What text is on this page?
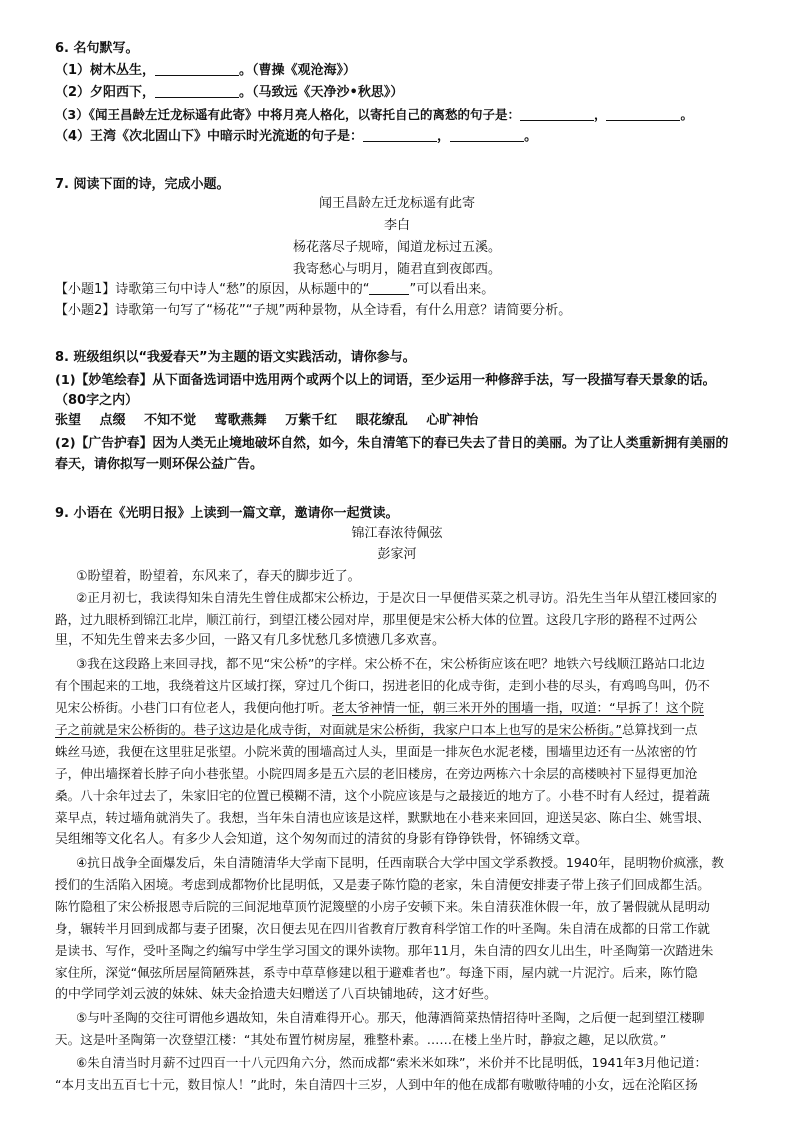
6. 名句默写。
（1）树木丛生，	。（曹操《观沧海》）
（2）夕阳西下，	。（马致远《天净沙•秋思》）
（3）《闻王昌龄左迁龙标遥有此寄》中将月亮人格化，以寄托自己的离愁的句子是：	，	。
（4）王湾《次北固山下》中暗示时光流逝的句子是：	，	。
7. 阅读下面的诗，完成小题。
闻王昌龄左迁龙标遥有此寄
李白
杨花落尽子规啼，闻道龙标过五溪。
我寄愁心与明月，随君直到夜郎西。
【小题1】诗歌第三句中诗人“愁”的原因，从标题中的“	”可以看出来。
【小题2】诗歌第一句写了“杨花”“子规”两种景物，从全诗看，有什么用意？请简要分析。
8. 班级组织以“我爱春天”为主题的语文实践活动，请你参与。
(1)【妙笔绘春】从下面备选词语中选用两个或两个以上的词语，至少运用一种修辞手法，写一段描写春天景象的话。
（80字之内）
张望 点缀 不知不觉 莺歌燕舞 万紫千红 眼花缭乱 心旷神怡
(2)【广告护春】因为人类无止境地破坏自然，如今，朱自清笔下的春已失去了昔日的美丽。为了让人类重新拥有美丽的
春天，请你拟写一则环保公益广告。
9. 小语在《光明日报》上读到一篇文章，邀请你一起赏读。
锦江春浓待佩弦
彭家河
①盼望着，盼望着，东风来了，春天的脚步近了。
②正月初七，我读得知朱自清先生曾住成都宋公桥边，于是次日一早便借买菜之机寻访。沿先生当年从望江楼回家的
路，过九眼桥到锦江北岸，顺江前行，到望江楼公园对岸，那里便是宋公桥大体的位置。这段几字形的路程不过两公
里，不知先生曾来去多少回，一路又有几多忧愁几多愤懑几多欢喜。
③我在这段路上来回寻找，都不见“宋公桥”的字样。宋公桥不在，宋公桥街应该在吧？地铁六号线顺江路站口北边
有个围起来的工地，我绕着这片区域打探，穿过几个街口，拐进老旧的化成寺街，走到小巷的尽头，有鸡鸣鸟叫，仍不
见宋公桥街。小巷门口有位老人，我便向他打听。老太爷神情一怔，朝三米开外的围墙一指，叹道：“早拆了！这个院
子之前就是宋公桥街的。巷子这边是化成寺街，对面就是宋公桥街，我家户口本上也写的是宋公桥街。”总算找到一点
蛛丝马迹，我便在这里驻足张望。小院米黄的围墙高过人头，里面是一排灰色水泥老楼，围墙里边还有一丛浓密的竹
子，伸出墙探着长脖子向小巷张望。小院四周多是五六层的老旧楼房，在旁边两栋六十余层的高楼映衬下显得更加沧
桑。八十余年过去了，朱家旧宅的位置已模糊不清，这个小院应该是与之最接近的地方了。小巷不时有人经过，提着蔬
菜早点，转过墙角就消失了。我想，当年朱自清也应该是这样，默默地在小巷来来回回，迎送吴宓、陈白尘、姚雪垠、
吴组缃等文化名人。有多少人会知道，这个匆匆而过的清贫的身影有铮铮铁骨，怀锦绣文章。
④抗日战争全面爆发后，朱自清随清华大学南下昆明，任西南联合大学中国文学系教授。1940年，昆明物价疯涨，教
授们的生活陷入困境。考虑到成都物价比昆明低，又是妻子陈竹隐的老家，朱自清便安排妻子带上孩子们回成都生活。
陈竹隐租了宋公桥报恩寺后院的三间泥地草顶竹泥篾壁的小房子安顿下来。朱自清获准休假一年，放了暑假就从昆明动
身，辗转半月回到成都与妻子团聚，次日便去见在四川省教育厅教育科学馆工作的叶圣陶。朱自清在成都的日常工作就
是读书、写作，受叶圣陶之约编写中学生学习国文的课外读物。那年11月，朱自清的四女儿出生，叶圣陶第一次踏进朱
家住所，深觉“佩弦所居屋简陋殊甚，系寺中草草修建以租于避难者也”。每逢下雨，屋内就一片泥泞。后来，陈竹隐
的中学同学刘云波的妹妹、妹夫金拾遗夫妇赠送了八百块铺地砖，这才好些。
⑤与叶圣陶的交往可谓他乡遇故知，朱自清难得开心。那天，他薄酒简菜热情招待叶圣陶，之后便一起到望江楼聊
天。这是叶圣陶第一次登望江楼：“其处布置竹树房屋，雅整朴素。……在楼上坐片时，静寂之趣，足以欣赏。”
⑥朱自清当时月薪不过四百一十八元四角六分，然而成都“索米米如珠”，米价并不比昆明低，1941年3月他记道：
“本月支出五百七十元，数目惊人！”此时，朱自清四十三岁，人到中年的他在成都有嗷嗷待哺的小女，远在沦陷区扬
